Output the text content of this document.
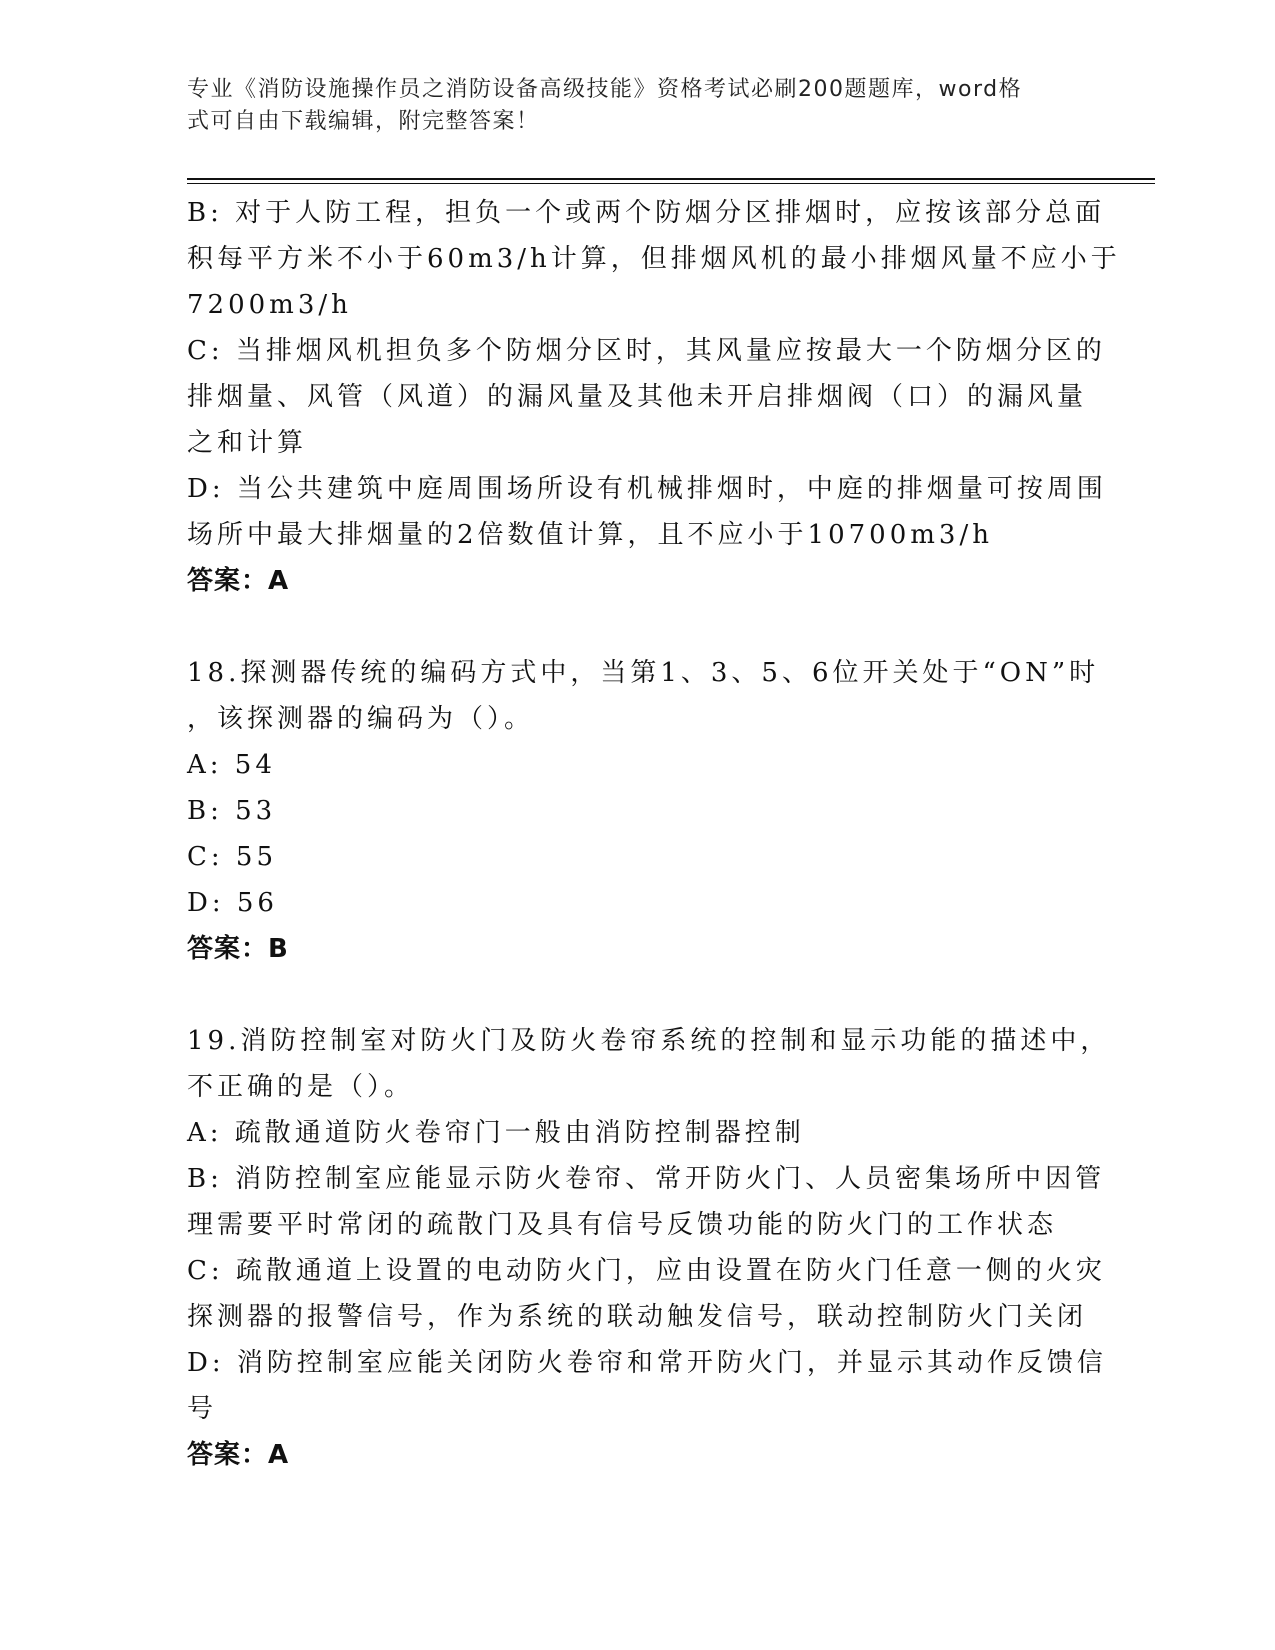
专业《消防设施操作员之消防设备高级技能》资格考试必刷200题题库，word格
式可自由下载编辑，附完整答案！
B: 对于人防工程，担负一个或两个防烟分区排烟时，应按该部分总面
积每平方米不小于60m3/h计算，但排烟风机的最小排烟风量不应小于
7200m3/h
C: 当排烟风机担负多个防烟分区时，其风量应按最大一个防烟分区的
排烟量、风管（风道）的漏风量及其他未开启排烟阀（口）的漏风量
之和计算
D: 当公共建筑中庭周围场所设有机械排烟时，中庭的排烟量可按周围
场所中最大排烟量的2倍数值计算，且不应小于10700m3/h
答案：A
18.探测器传统的编码方式中，当第1、3、5、6位开关处于“ON”时
，该探测器的编码为（）。
A: 54
B: 53
C: 55
D: 56
答案：B
19.消防控制室对防火门及防火卷帘系统的控制和显示功能的描述中，
不正确的是（）。
A: 疏散通道防火卷帘门一般由消防控制器控制
B: 消防控制室应能显示防火卷帘、常开防火门、人员密集场所中因管
理需要平时常闭的疏散门及具有信号反馈功能的防火门的工作状态
C: 疏散通道上设置的电动防火门，应由设置在防火门任意一侧的火灾
探测器的报警信号，作为系统的联动触发信号，联动控制防火门关闭
D: 消防控制室应能关闭防火卷帘和常开防火门，并显示其动作反馈信
号
答案：A
